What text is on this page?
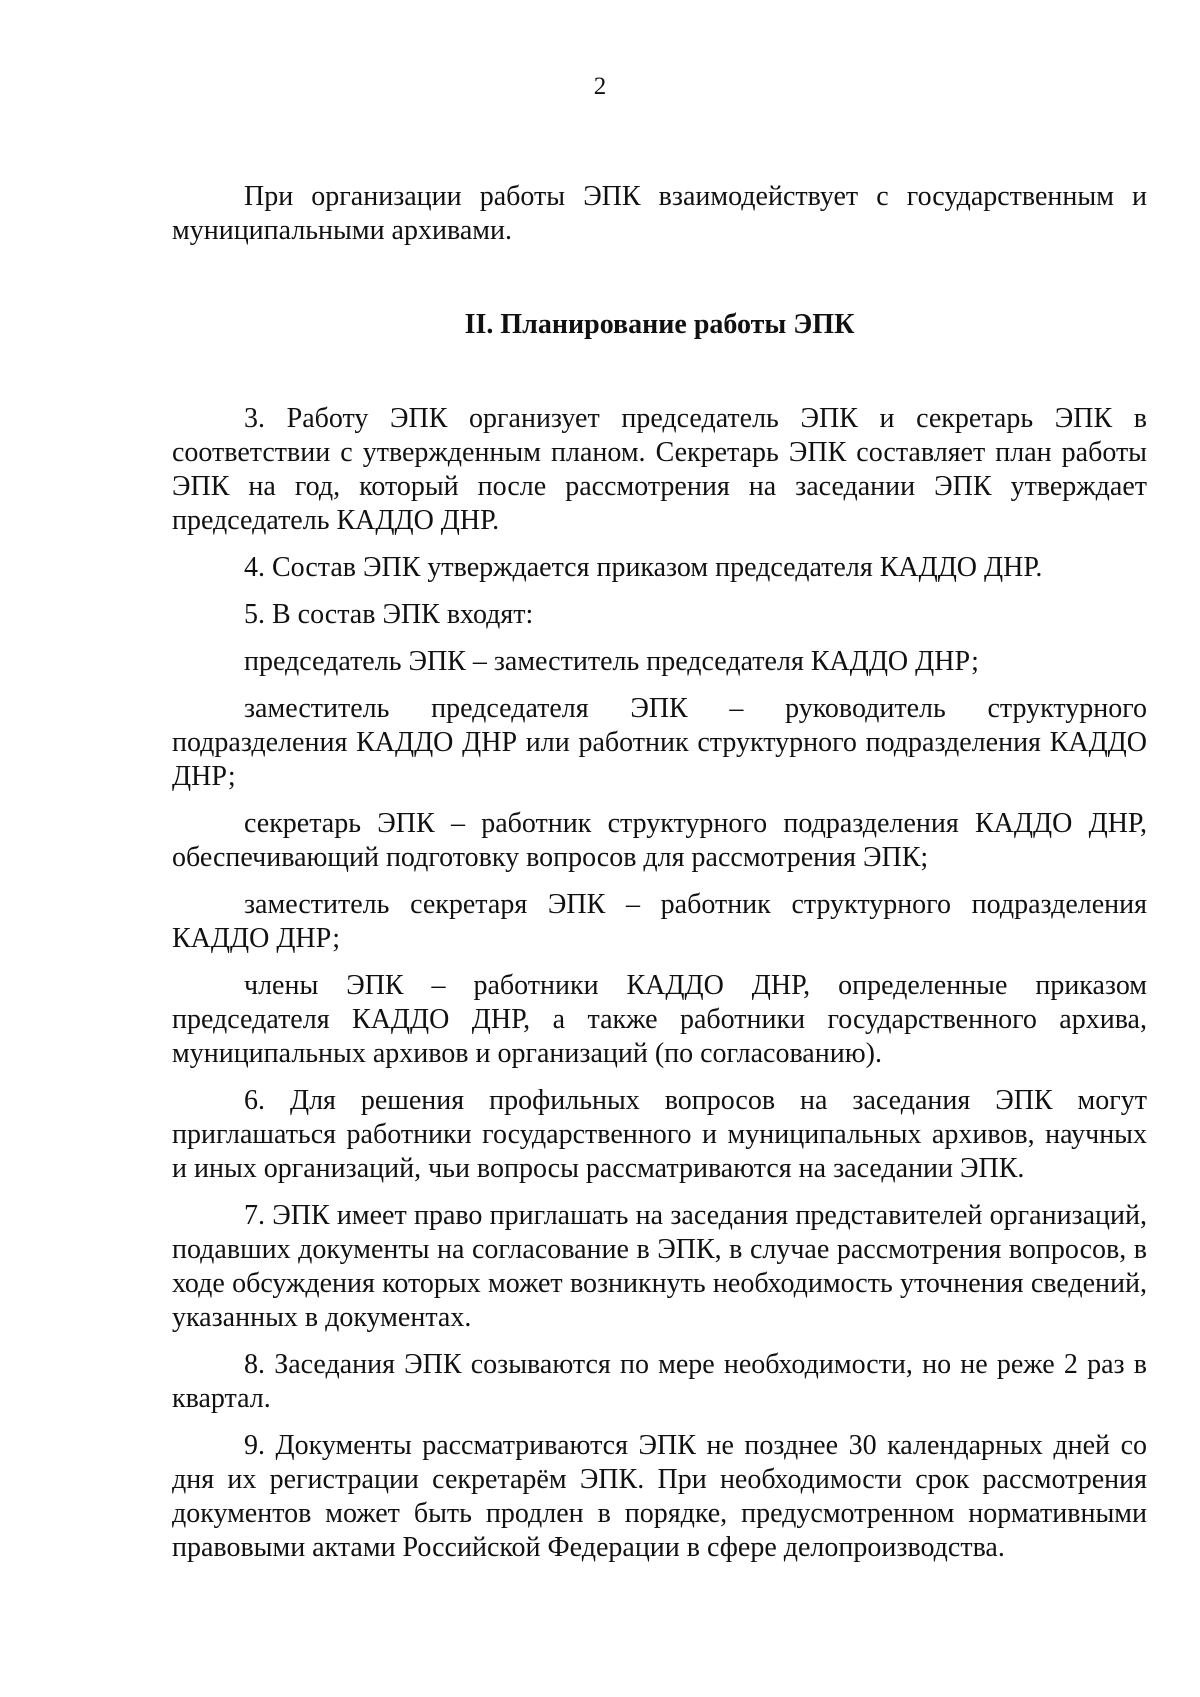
2

При организации работы ЭПК взаимодействует с государственным и муниципальными архивами.

II. Планирование работы ЭПК

3. Работу ЭПК организует председатель ЭПК и секретарь ЭПК в соответствии с утвержденным планом. Секретарь ЭПК составляет план работы ЭПК на год, который после рассмотрения на заседании ЭПК утверждает председатель КАДДО ДНР.

4. Состав ЭПК утверждается приказом председателя КАДДО ДНР.

5. В состав ЭПК входят:

председатель ЭПК – заместитель председателя КАДДО ДНР;

заместитель председателя ЭПК – руководитель структурного подразделения КАДДО ДНР или работник структурного подразделения КАДДО ДНР;

секретарь ЭПК – работник структурного подразделения КАДДО ДНР, обеспечивающий подготовку вопросов для рассмотрения ЭПК;

заместитель секретаря ЭПК – работник структурного подразделения КАДДО ДНР;

члены ЭПК – работники КАДДО ДНР, определенные приказом председателя КАДДО ДНР, а также работники государственного архива, муниципальных архивов и организаций (по согласованию).

6. Для решения профильных вопросов на заседания ЭПК могут приглашаться работники государственного и муниципальных архивов, научных и иных организаций, чьи вопросы рассматриваются на заседании ЭПК.

7. ЭПК имеет право приглашать на заседания представителей организаций, подавших документы на согласование в ЭПК, в случае рассмотрения вопросов, в ходе обсуждения которых может возникнуть необходимость уточнения сведений, указанных в документах.

8. Заседания ЭПК созываются по мере необходимости, но не реже 2 раз в квартал.

9. Документы рассматриваются ЭПК не позднее 30 календарных дней со дня их регистрации секретарём ЭПК. При необходимости срок рассмотрения документов может быть продлен в порядке, предусмотренном нормативными правовыми актами Российской Федерации в сфере делопроизводства.
